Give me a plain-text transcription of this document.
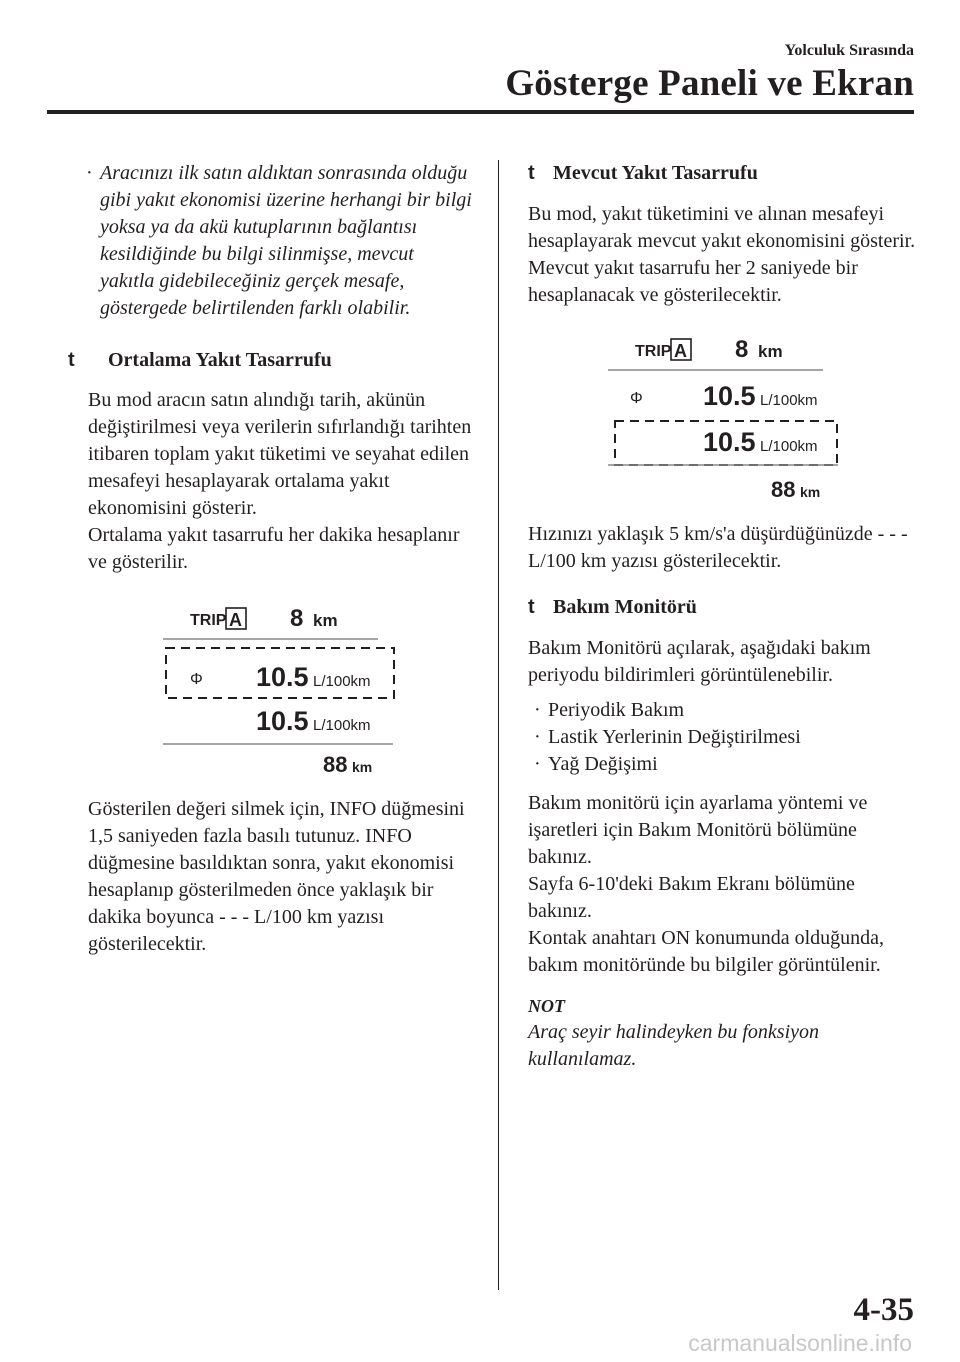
Yolculuk Sırasında
Gösterge Paneli ve Ekran
· Aracınızı ilk satın aldıktan sonrasında olduğu gibi yakıt ekonomisi üzerine herhangi bir bilgi yoksa ya da akü kutuplarının bağlantısı kesildiğinde bu bilgi silinmişse, mevcut yakıtla gidebileceğiniz gerçek mesafe, göstergede belirtilenden farklı olabilir.

t Ortalama Yakıt Tasarrufu

Bu mod aracın satın alındığı tarih, akünün değiştirilmesi veya verilerin sıfırlandığı tarihten itibaren toplam yakıt tüketimi ve seyahat edilen mesafeyi hesaplayarak ortalama yakıt ekonomisini gösterir.

Ortalama yakıt tasarrufu her dakika hesaplanır ve gösterilir.

TRIP A 8 km
Φ 10.5 L/100km
10.5 L/100km
88 km

Gösterilen değeri silmek için, INFO düğmesini 1,5 saniyeden fazla basılı tutunuz. INFO düğmesine basıldıktan sonra, yakıt ekonomisi hesaplanıp gösterilmeden önce yaklaşık bir dakika boyunca - - - L/100 km yazısı gösterilecektir.

t Mevcut Yakıt Tasarrufu

Bu mod, yakıt tüketimini ve alınan mesafeyi hesaplayarak mevcut yakıt ekonomisini gösterir.

Mevcut yakıt tasarrufu her 2 saniyede bir hesaplanacak ve gösterilecektir.

TRIP A 8 km
Φ 10.5 L/100km
10.5 L/100km
88 km

Hızınızı yaklaşık 5 km/s'a düşürdüğünüzde - - - L/100 km yazısı gösterilecektir.

t Bakım Monitörü

Bakım Monitörü açılarak, aşağıdaki bakım periyodu bildirimleri görüntülenebilir.

· Periyodik Bakım

· Lastik Yerlerinin Değiştirilmesi

· Yağ Değişimi

Bakım monitörü için ayarlama yöntemi ve işaretleri için Bakım Monitörü bölümüne bakınız.

Sayfa 6-10'deki Bakım Ekranı bölümüne bakınız.

Kontak anahtarı ON konumunda olduğunda, bakım monitöründe bu bilgiler görüntülenir.

NOT

Araç seyir halindeyken bu fonksiyon kullanılamaz.

4-35
carmanualsonline.info
